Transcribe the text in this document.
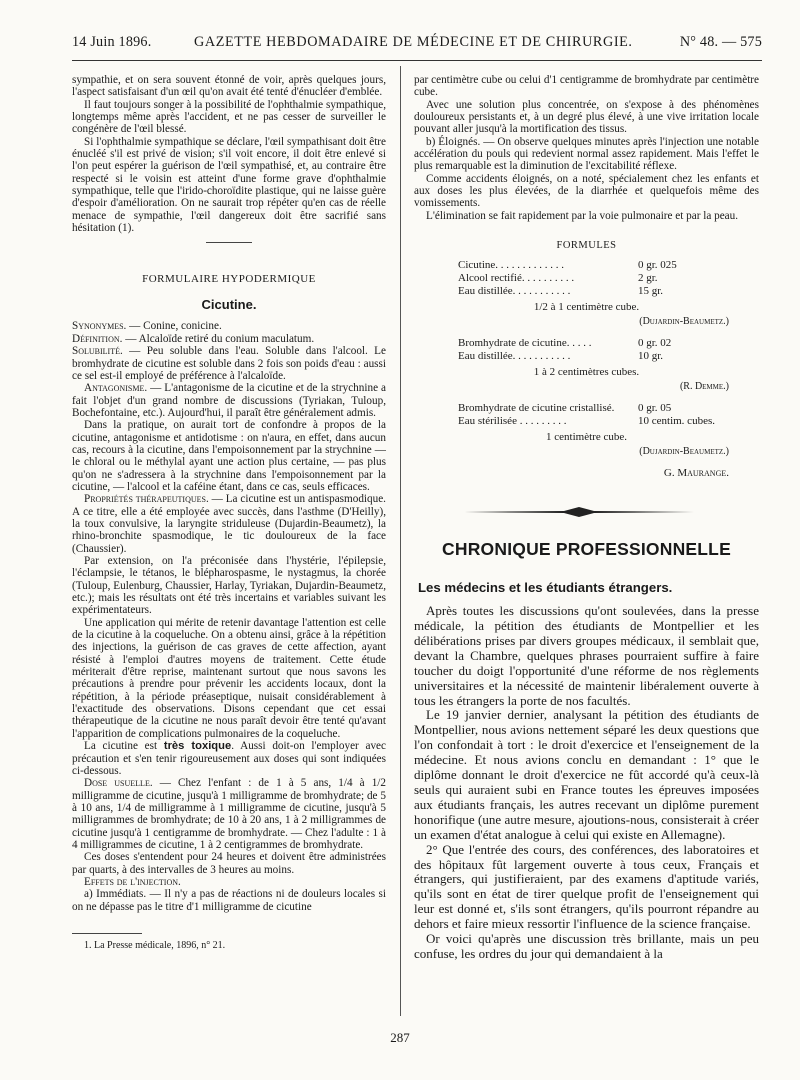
14 Juin 1896.	GAZETTE HEBDOMADAIRE DE MÉDECINE ET DE CHIRURGIE.	N° 48. — 575

sympathie, et on sera souvent étonné de voir, après quelques jours, l'aspect satisfaisant d'un œil qu'on avait été tenté d'énucléer d'emblée.

Il faut toujours songer à la possibilité de l'ophthalmie sympathique, longtemps même après l'accident, et ne pas cesser de surveiller le congénère de l'œil blessé.

Si l'ophthalmie sympathique se déclare, l'œil sympathisant doit être énucléé s'il est privé de vision; s'il voit encore, il doit être enlevé si l'on peut espérer la guérison de l'œil sympathisé, et, au contraire être respecté si le voisin est atteint d'une forme grave d'ophthalmie sympathique, telle que l'irido-choroïdite plastique, qui ne laisse guère d'espoir d'amélioration. On ne saurait trop répéter qu'en cas de réelle menace de sympathie, l'œil dangereux doit être sacrifié sans hésitation (1).

FORMULAIRE HYPODERMIQUE
Cicutine.

Synonymes. — Conine, conicine.

Définition. — Alcaloïde retiré du conium maculatum.

Solubilité. — Peu soluble dans l'eau. Soluble dans l'alcool. Le bromhydrate de cicutine est soluble dans 2 fois son poids d'eau : aussi ce sel est-il employé de préférence à l'alcaloïde.

Antagonisme. — L'antagonisme de la cicutine et de la strychnine a fait l'objet d'un grand nombre de discussions (Tyriakan, Tuloup, Bochefontaine, etc.). Aujourd'hui, il paraît être généralement admis.

Dans la pratique, on aurait tort de confondre à propos de la cicutine, antagonisme et antidotisme : on n'aura, en effet, dans aucun cas, recours à la cicutine, dans l'empoisonnement par la strychnine — le chloral ou le méthylal ayant une action plus certaine, — pas plus qu'on ne s'adressera à la strychnine dans l'empoisonnement par la cicutine, — l'alcool et la caféine étant, dans ce cas, seuls efficaces.

Propriétés thérapeutiques. — La cicutine est un antispasmodique. A ce titre, elle a été employée avec succès, dans l'asthme (D'Heilly), la toux convulsive, la laryngite striduleuse (Dujardin-Beaumetz), la rhino-bronchite spasmodique, le tic douloureux de la face (Chaussier).

Par extension, on l'a préconisée dans l'hystérie, l'épilepsie, l'éclampsie, le tétanos, le blépharospasme, le nystagmus, la chorée (Tuloup, Eulenburg, Chaussier, Harlay, Tyriakan, Dujardin-Beaumetz, etc.); mais les résultats ont été très incertains et variables suivant les expérimentateurs.

Une application qui mérite de retenir davantage l'attention est celle de la cicutine à la coqueluche. On a obtenu ainsi, grâce à la répétition des injections, la guérison de cas graves de cette affection, ayant résisté à l'emploi d'autres moyens de traitement. Cette étude mériterait d'être reprise, maintenant surtout que nous savons les précautions à prendre pour prévenir les accidents locaux, dont la répétition, à la période préaseptique, nuisait considérablement à l'exactitude des observations. Disons cependant que cet essai thérapeutique de la cicutine ne nous paraît devoir être tenté qu'avant l'apparition de complications pulmonaires de la coqueluche.

La cicutine est très toxique. Aussi doit-on l'employer avec précaution et s'en tenir rigoureusement aux doses qui sont indiquées ci-dessous.

Dose usuelle. — Chez l'enfant : de 1 à 5 ans, 1/4 à 1/2 milligramme de cicutine, jusqu'à 1 milligramme de bromhydrate; de 5 à 10 ans, 1/4 de milligramme à 1 milligramme de cicutine, jusqu'à 5 milligrammes de bromhydrate; de 10 à 20 ans, 1 à 2 milligrammes de cicutine jusqu'à 1 centigramme de bromhydrate. — Chez l'adulte : 1 à 4 milligrammes de cicutine, 1 à 2 centigrammes de bromhydrate.

Ces doses s'entendent pour 24 heures et doivent être administrées par quarts, à des intervalles de 3 heures au moins.

Effets de l'injection.

a) Immédiats. — Il n'y a pas de réactions ni de douleurs locales si on ne dépasse pas le titre d'1 milligramme de cicutine

1. La Presse médicale, 1896, n° 21.

par centimètre cube ou celui d'1 centigramme de bromhydrate par centimètre cube.

Avec une solution plus concentrée, on s'expose à des phénomènes douloureux persistants et, à un degré plus élevé, à une vive irritation locale pouvant aller jusqu'à la mortification des tissus.

b) Éloignés. — On observe quelques minutes après l'injection une notable accélération du pouls qui redevient normal assez rapidement. Mais l'effet le plus remarquable est la diminution de l'excitabilité réflexe.

Comme accidents éloignés, on a noté, spécialement chez les enfants et aux doses les plus élevées, de la diarrhée et quelquefois même des vomissements.

L'élimination se fait rapidement par la voie pulmonaire et par la peau.

FORMULES
Cicutine. . . . . . . . . . . . .	0 gr. 025
Alcool rectifié. . . . . . . . . .	2 gr.
Eau distillée. . . . . . . . . . .	15 gr.
1/2 à 1 centimètre cube.
(Dujardin-Beaumetz.)
Bromhydrate de cicutine. . . . .	0 gr. 02
Eau distillée. . . . . . . . . . .	10 gr.
1 à 2 centimètres cubes.
(R. Demme.)
Bromhydrate de cicutine cristallisé. 0 gr. 05
Eau stérilisée . . . . . . . . .	10 centim. cubes.
1 centimètre cube.
(Dujardin-Beaumetz.)
G. Maurange.
CHRONIQUE PROFESSIONNELLE
Les médecins et les étudiants étrangers.

Après toutes les discussions qu'ont soulevées, dans la presse médicale, la pétition des étudiants de Montpellier et les délibérations prises par divers groupes médicaux, il semblait que, devant la Chambre, quelques phrases pourraient suffire à faire toucher du doigt l'opportunité d'une réforme de nos règlements universitaires et la nécessité de maintenir libéralement ouverte à tous les étrangers la porte de nos facultés.

Le 19 janvier dernier, analysant la pétition des étudiants de Montpellier, nous avions nettement séparé les deux questions que l'on confondait à tort : le droit d'exercice et l'enseignement de la médecine. Et nous avions conclu en demandant : 1° que le diplôme donnant le droit d'exercice ne fût accordé qu'à ceux-là seuls qui auraient subi en France toutes les épreuves imposées aux étudiants français, les autres recevant un diplôme purement honorifique (une autre mesure, ajoutions-nous, consisterait à créer un examen d'état analogue à celui qui existe en Allemagne).

2° Que l'entrée des cours, des conférences, des laboratoires et des hôpitaux fût largement ouverte à tous ceux, Français et étrangers, qui justifieraient, par des examens d'aptitude variés, qu'ils sont en état de tirer quelque profit de l'enseignement qui leur est donné et, s'ils sont étrangers, qu'ils pourront répandre au dehors et faire mieux ressortir l'influence de la science française.

Or voici qu'après une discussion très brillante, mais un peu confuse, les ordres du jour qui demandaient à la

287
